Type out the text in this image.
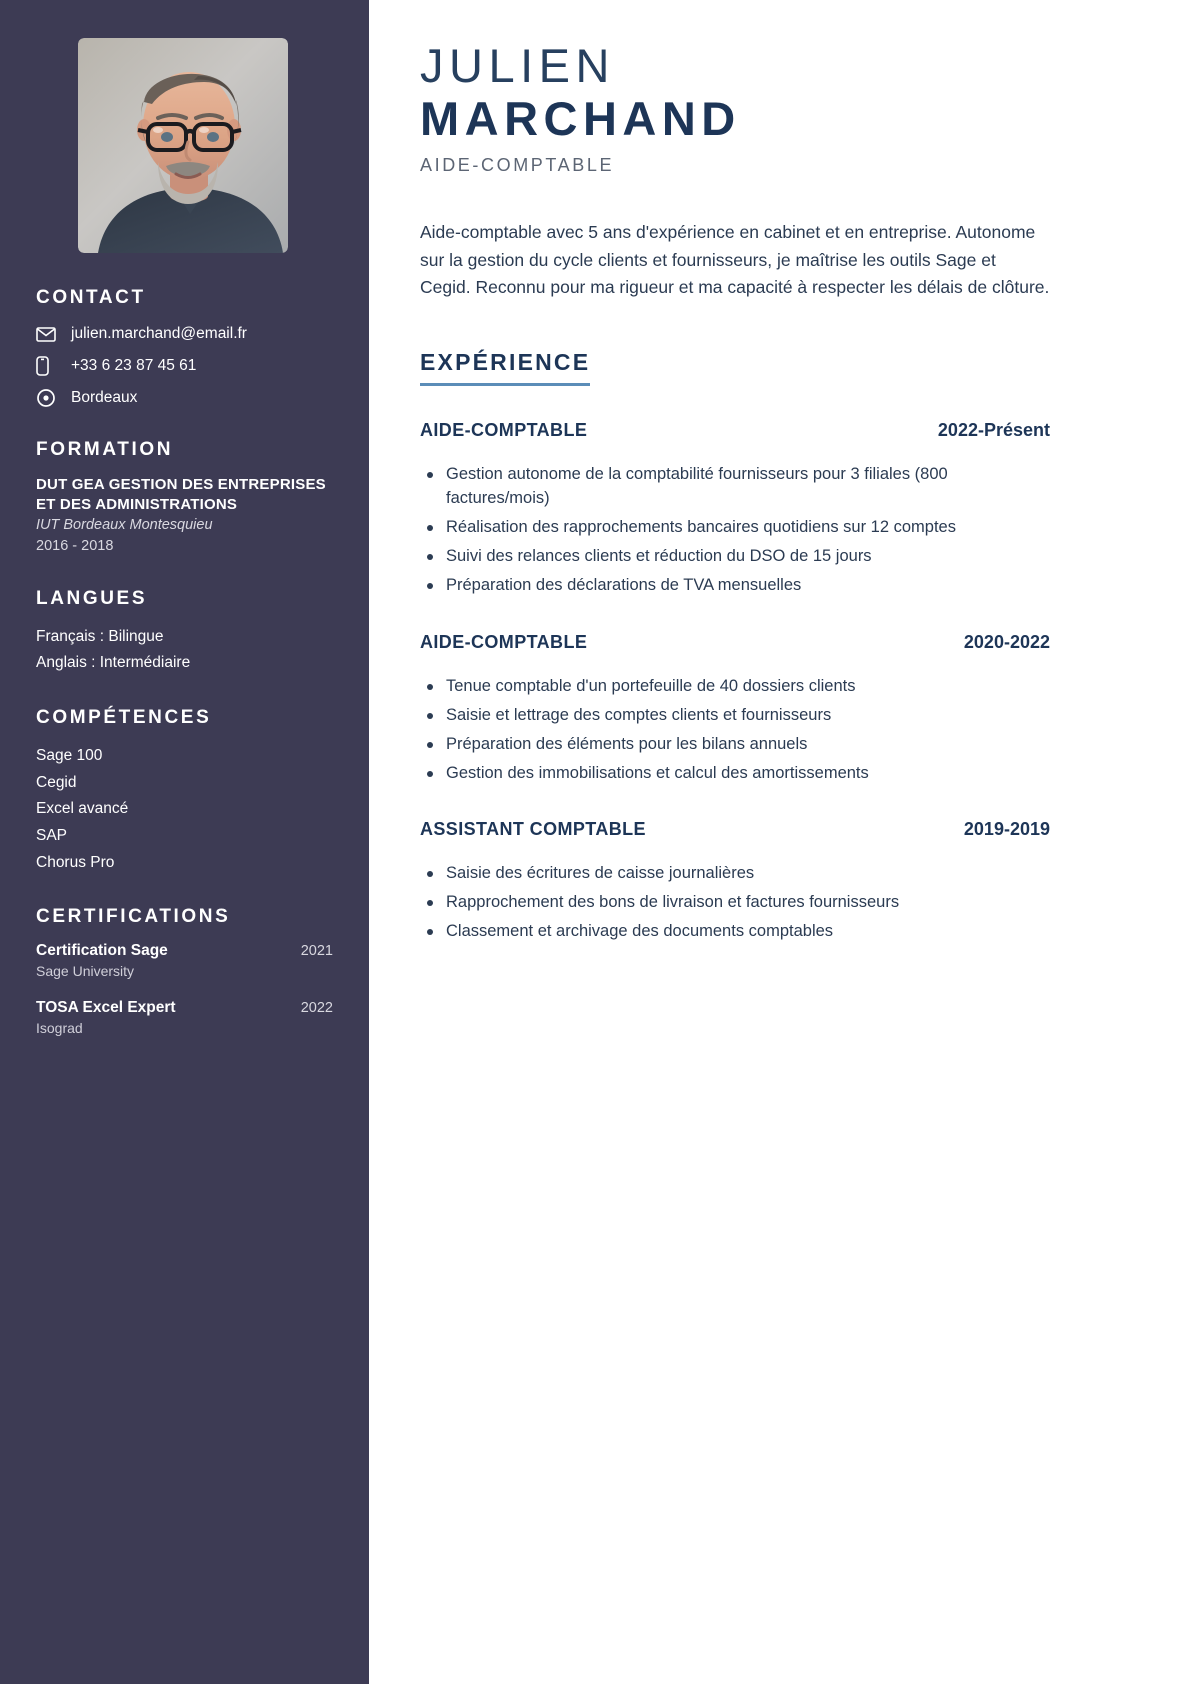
CONTACT
julien.marchand@email.fr
+33 6 23 87 45 61
Bordeaux
FORMATION

DUT GEA GESTION DES ENTREPRISES ET DES ADMINISTRATIONS

IUT Bordeaux Montesquieu

2016 - 2018

LANGUES

Français : Bilingue

Anglais : Intermédiaire

COMPÉTENCES

Sage 100

Cegid

Excel avancé

SAP

Chorus Pro

CERTIFICATIONS
Certification Sage	2021
Sage University
TOSA Excel Expert	2022
Isograd
JULIEN
MARCHAND

AIDE-COMPTABLE

Aide-comptable avec 5 ans d'expérience en cabinet et en entreprise. Autonome sur la gestion du cycle clients et fournisseurs, je maîtrise les outils Sage et Cegid. Reconnu pour ma rigueur et ma capacité à respecter les délais de clôture.

EXPÉRIENCE
AIDE-COMPTABLE	2022-Présent
Gestion autonome de la comptabilité fournisseurs pour 3 filiales (800 factures/mois)
Réalisation des rapprochements bancaires quotidiens sur 12 comptes
Suivi des relances clients et réduction du DSO de 15 jours
Préparation des déclarations de TVA mensuelles
AIDE-COMPTABLE	2020-2022
Tenue comptable d'un portefeuille de 40 dossiers clients
Saisie et lettrage des comptes clients et fournisseurs
Préparation des éléments pour les bilans annuels
Gestion des immobilisations et calcul des amortissements
ASSISTANT COMPTABLE	2019-2019
Saisie des écritures de caisse journalières
Rapprochement des bons de livraison et factures fournisseurs
Classement et archivage des documents comptables
